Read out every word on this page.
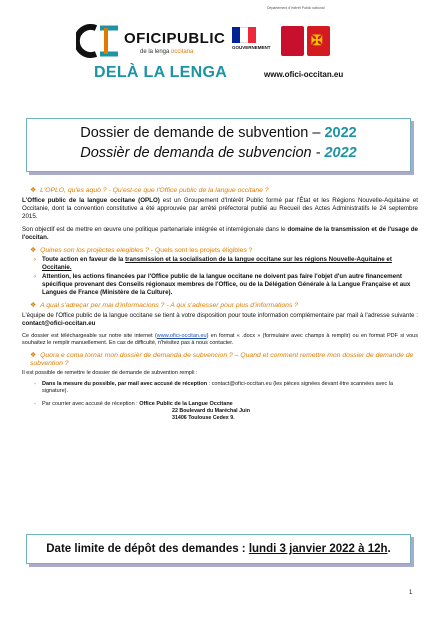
OFICIPUBLIC
de la lenga occitana
Département d'Intérêt Public national
GOUVERNEMENT	✠
DELÀ LA LENGA	www.ofici-occitan.eu
Dossier de demande de subvention – 2022
Dossièr de demanda de subvencion - 2022
❖ L'OPLO, qu'es aquò ? - Qu'est-ce que l'Office public de la langue occitane ?
L'Office public de la langue occitane (OPLO) est un Groupement d'Intérêt Public formé par l'État et les Régions Nouvelle-Aquitaine et Occitanie, dont la convention constitutive a été approuvée par arrêté préfectoral publié au Recueil des Actes Administratifs le 24 septembre 2015.
Son objectif est de mettre en œuvre une politique partenariale intégrée et interrégionale dans le domaine de la transmission et de l'usage de l'occitan.
❖ Quines son los projèctes elegibles ? - Quels sont les projets éligibles ?
› Toute action en faveur de la transmission et la socialisation de la langue occitane sur les régions Nouvelle-Aquitaine et Occitanie.
› Attention, les actions financées par l'Office public de la langue occitane ne doivent pas faire l'objet d'un autre financement spécifique provenant des Conseils régionaux membres de l'Office, ou de la Délégation Générale à la Langue Française et aux Langues de France (Ministère de la Culture).
❖ A qual s'adreçar per mai d'informacions ? - A qui s'adresser pour plus d'informations ?
L'équipe de l'Office public de la langue occitane se tient à votre disposition pour toute information complémentaire par mail à l'adresse suivante : contact@ofici-occitan.eu
Ce dossier est téléchargeable sur notre site internet (www.ofici-occitan.eu) en format « .docx » (formulaire avec champs à remplir) ou en format PDF si vous souhaitez le remplir manuellement. En cas de difficulté, n'hésitez pas à nous contacter.
❖ Quora e coma tornar mon dossièr de demanda de subvencion ? – Quand et comment remettre mon dossier de demande de subvention ?
Il est possible de remettre le dossier de demande de subvention rempli :
-	Dans la mesure du possible, par mail avec accusé de réception : contact@ofici-occitan.eu (les pièces signées devant être scannées avec la signature).
-	Par courrier avec accusé de réception : Office Public de la Langue Occitane
22 Boulevard du Maréchal Juin
31406 Toulouse Cedex 9.
Date limite de dépôt des demandes : lundi 3 janvier 2022 à 12h.
1
